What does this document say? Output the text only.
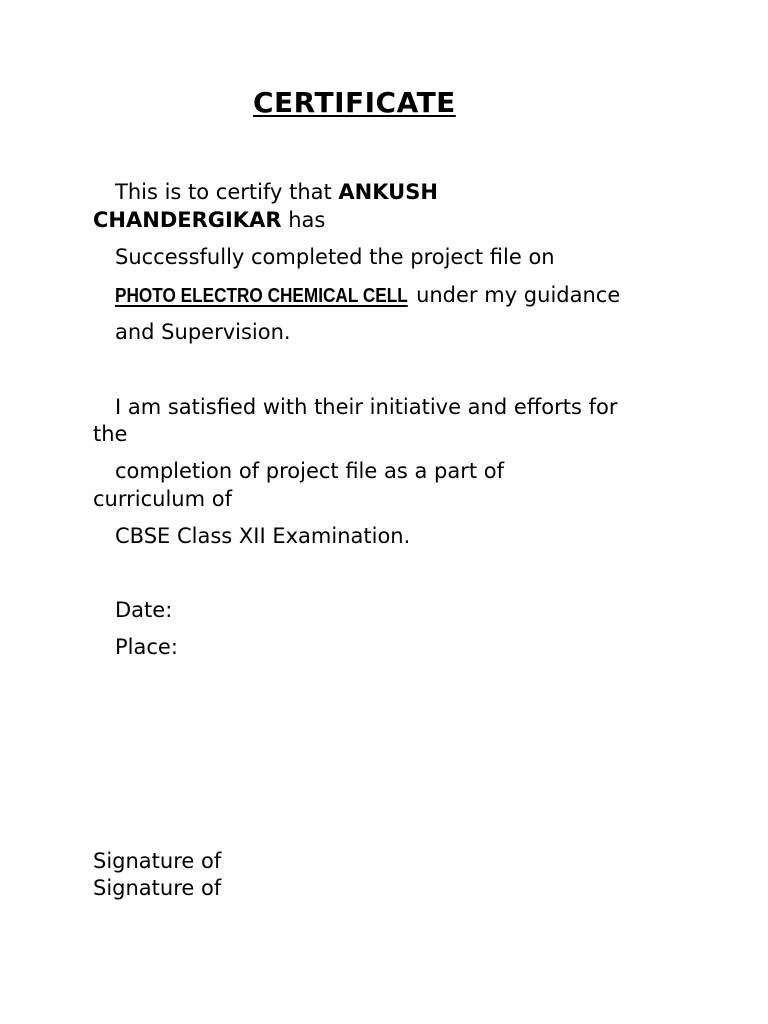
CERTIFICATE
This is to certify that ANKUSH
CHANDERGIKAR has
Successfully completed the project file on
PHOTO ELECTRO CHEMICAL CELL under my guidance
and Supervision.
I am satisfied with their initiative and efforts for
the
completion of project file as a part of
curriculum of
CBSE Class XII Examination.
Date:
Place:
Signature of
Signature of
